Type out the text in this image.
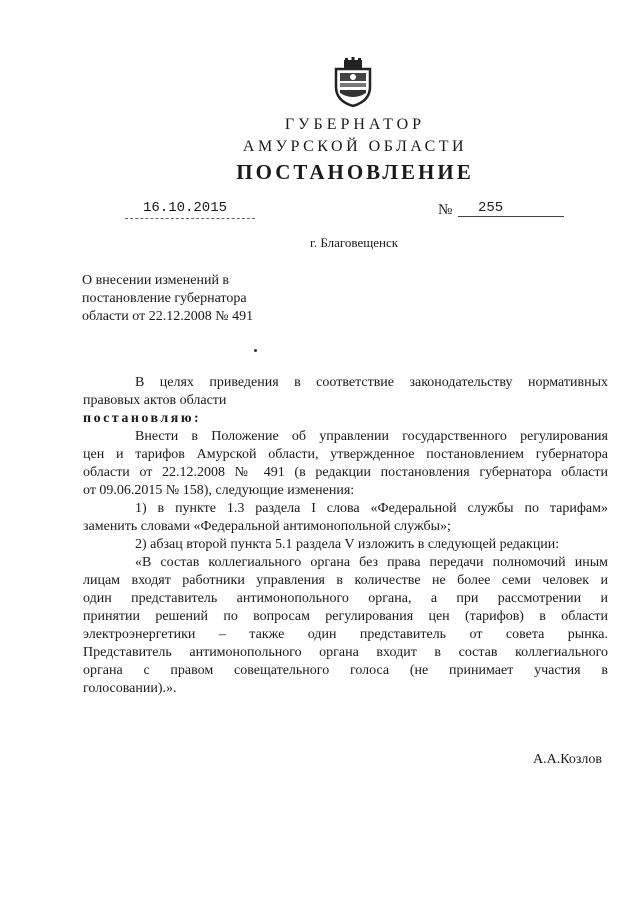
ГУБЕРНАТОР
АМУРСКОЙ ОБЛАСТИ
ПОСТАНОВЛЕНИЕ
16.10.2015	№ 255
г. Благовещенск
О внесении изменений в
постановление губернатора
области от 22.12.2008 № 491

В целях приведения в соответствие законодательству нормативных

правовых актов области

постановляю:

Внести в Положение об управлении государственного регулирования

цен и тарифов Амурской области, утвержденное постановлением губернатора

области от 22.12.2008 № 491 (в редакции постановления губернатора области

от 09.06.2015 № 158), следующие изменения:

1) в пункте 1.3 раздела I слова «Федеральной службы по тарифам»

заменить словами «Федеральной антимонопольной службы»;

2) абзац второй пункта 5.1 раздела V изложить в следующей редакции:

«В состав коллегиального органа без права передачи полномочий иным

лицам входят работники управления в количестве не более семи человек и

один представитель антимонопольного органа, а при рассмотрении и

принятии решений по вопросам регулирования цен (тарифов) в области

электроэнергетики – также один представитель от совета рынка.

Представитель антимонопольного органа входит в состав коллегиального

органа с правом совещательного голоса (не принимает участия в

голосовании).».

А.А.Козлов
